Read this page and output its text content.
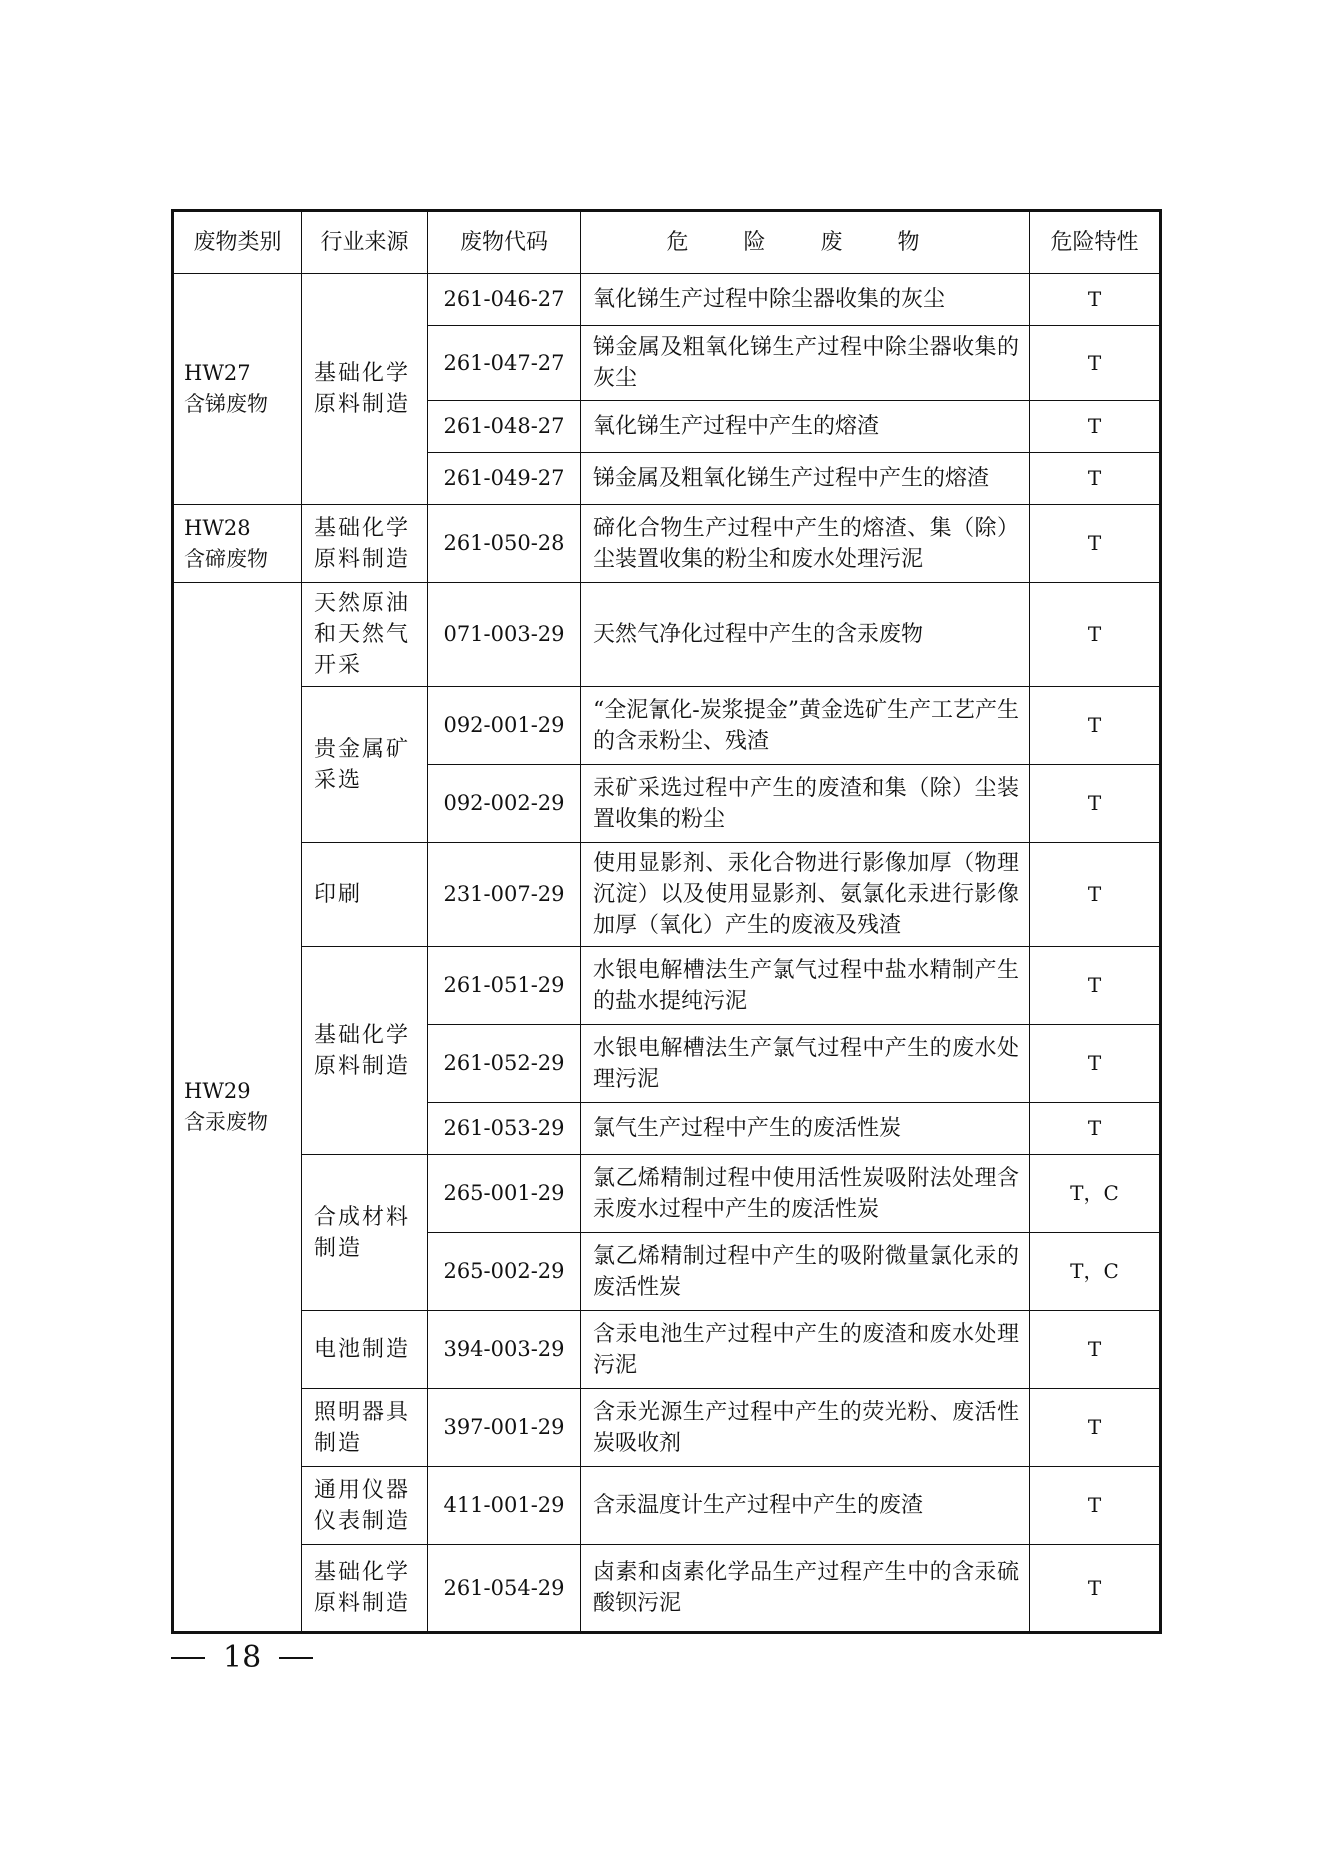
废物类别	行业来源	废物代码	危 险 废 物	危险特性

HW27
含锑废物	基础化学原料制造	261-046-27	氧化锑生产过程中除尘器收集的灰尘	T
		261-047-27	锑金属及粗氧化锑生产过程中除尘器收集的灰尘	T
		261-048-27	氧化锑生产过程中产生的熔渣	T
		261-049-27	锑金属及粗氧化锑生产过程中产生的熔渣	T

HW28
含碲废物	基础化学原料制造	261-050-28	碲化合物生产过程中产生的熔渣、集（除）尘装置收集的粉尘和废水处理污泥	T

HW29
含汞废物	天然原油和天然气开采	071-003-29	天然气净化过程中产生的含汞废物	T
	贵金属矿采选	092-001-29	“全泥氰化-炭浆提金”黄金选矿生产工艺产生的含汞粉尘、残渣	T
		092-002-29	汞矿采选过程中产生的废渣和集（除）尘装置收集的粉尘	T
	印刷	231-007-29	使用显影剂、汞化合物进行影像加厚（物理沉淀）以及使用显影剂、氨氯化汞进行影像加厚（氧化）产生的废液及残渣	T
	基础化学原料制造	261-051-29	水银电解槽法生产氯气过程中盐水精制产生的盐水提纯污泥	T
		261-052-29	水银电解槽法生产氯气过程中产生的废水处理污泥	T
		261-053-29	氯气生产过程中产生的废活性炭	T
	合成材料制造	265-001-29	氯乙烯精制过程中使用活性炭吸附法处理含汞废水过程中产生的废活性炭	T，C
		265-002-29	氯乙烯精制过程中产生的吸附微量氯化汞的废活性炭	T，C
	电池制造	394-003-29	含汞电池生产过程中产生的废渣和废水处理污泥	T
	照明器具制造	397-001-29	含汞光源生产过程中产生的荧光粉、废活性炭吸收剂	T
	通用仪器仪表制造	411-001-29	含汞温度计生产过程中产生的废渣	T
	基础化学原料制造	261-054-29	卤素和卤素化学品生产过程产生中的含汞硫酸钡污泥	T
18
